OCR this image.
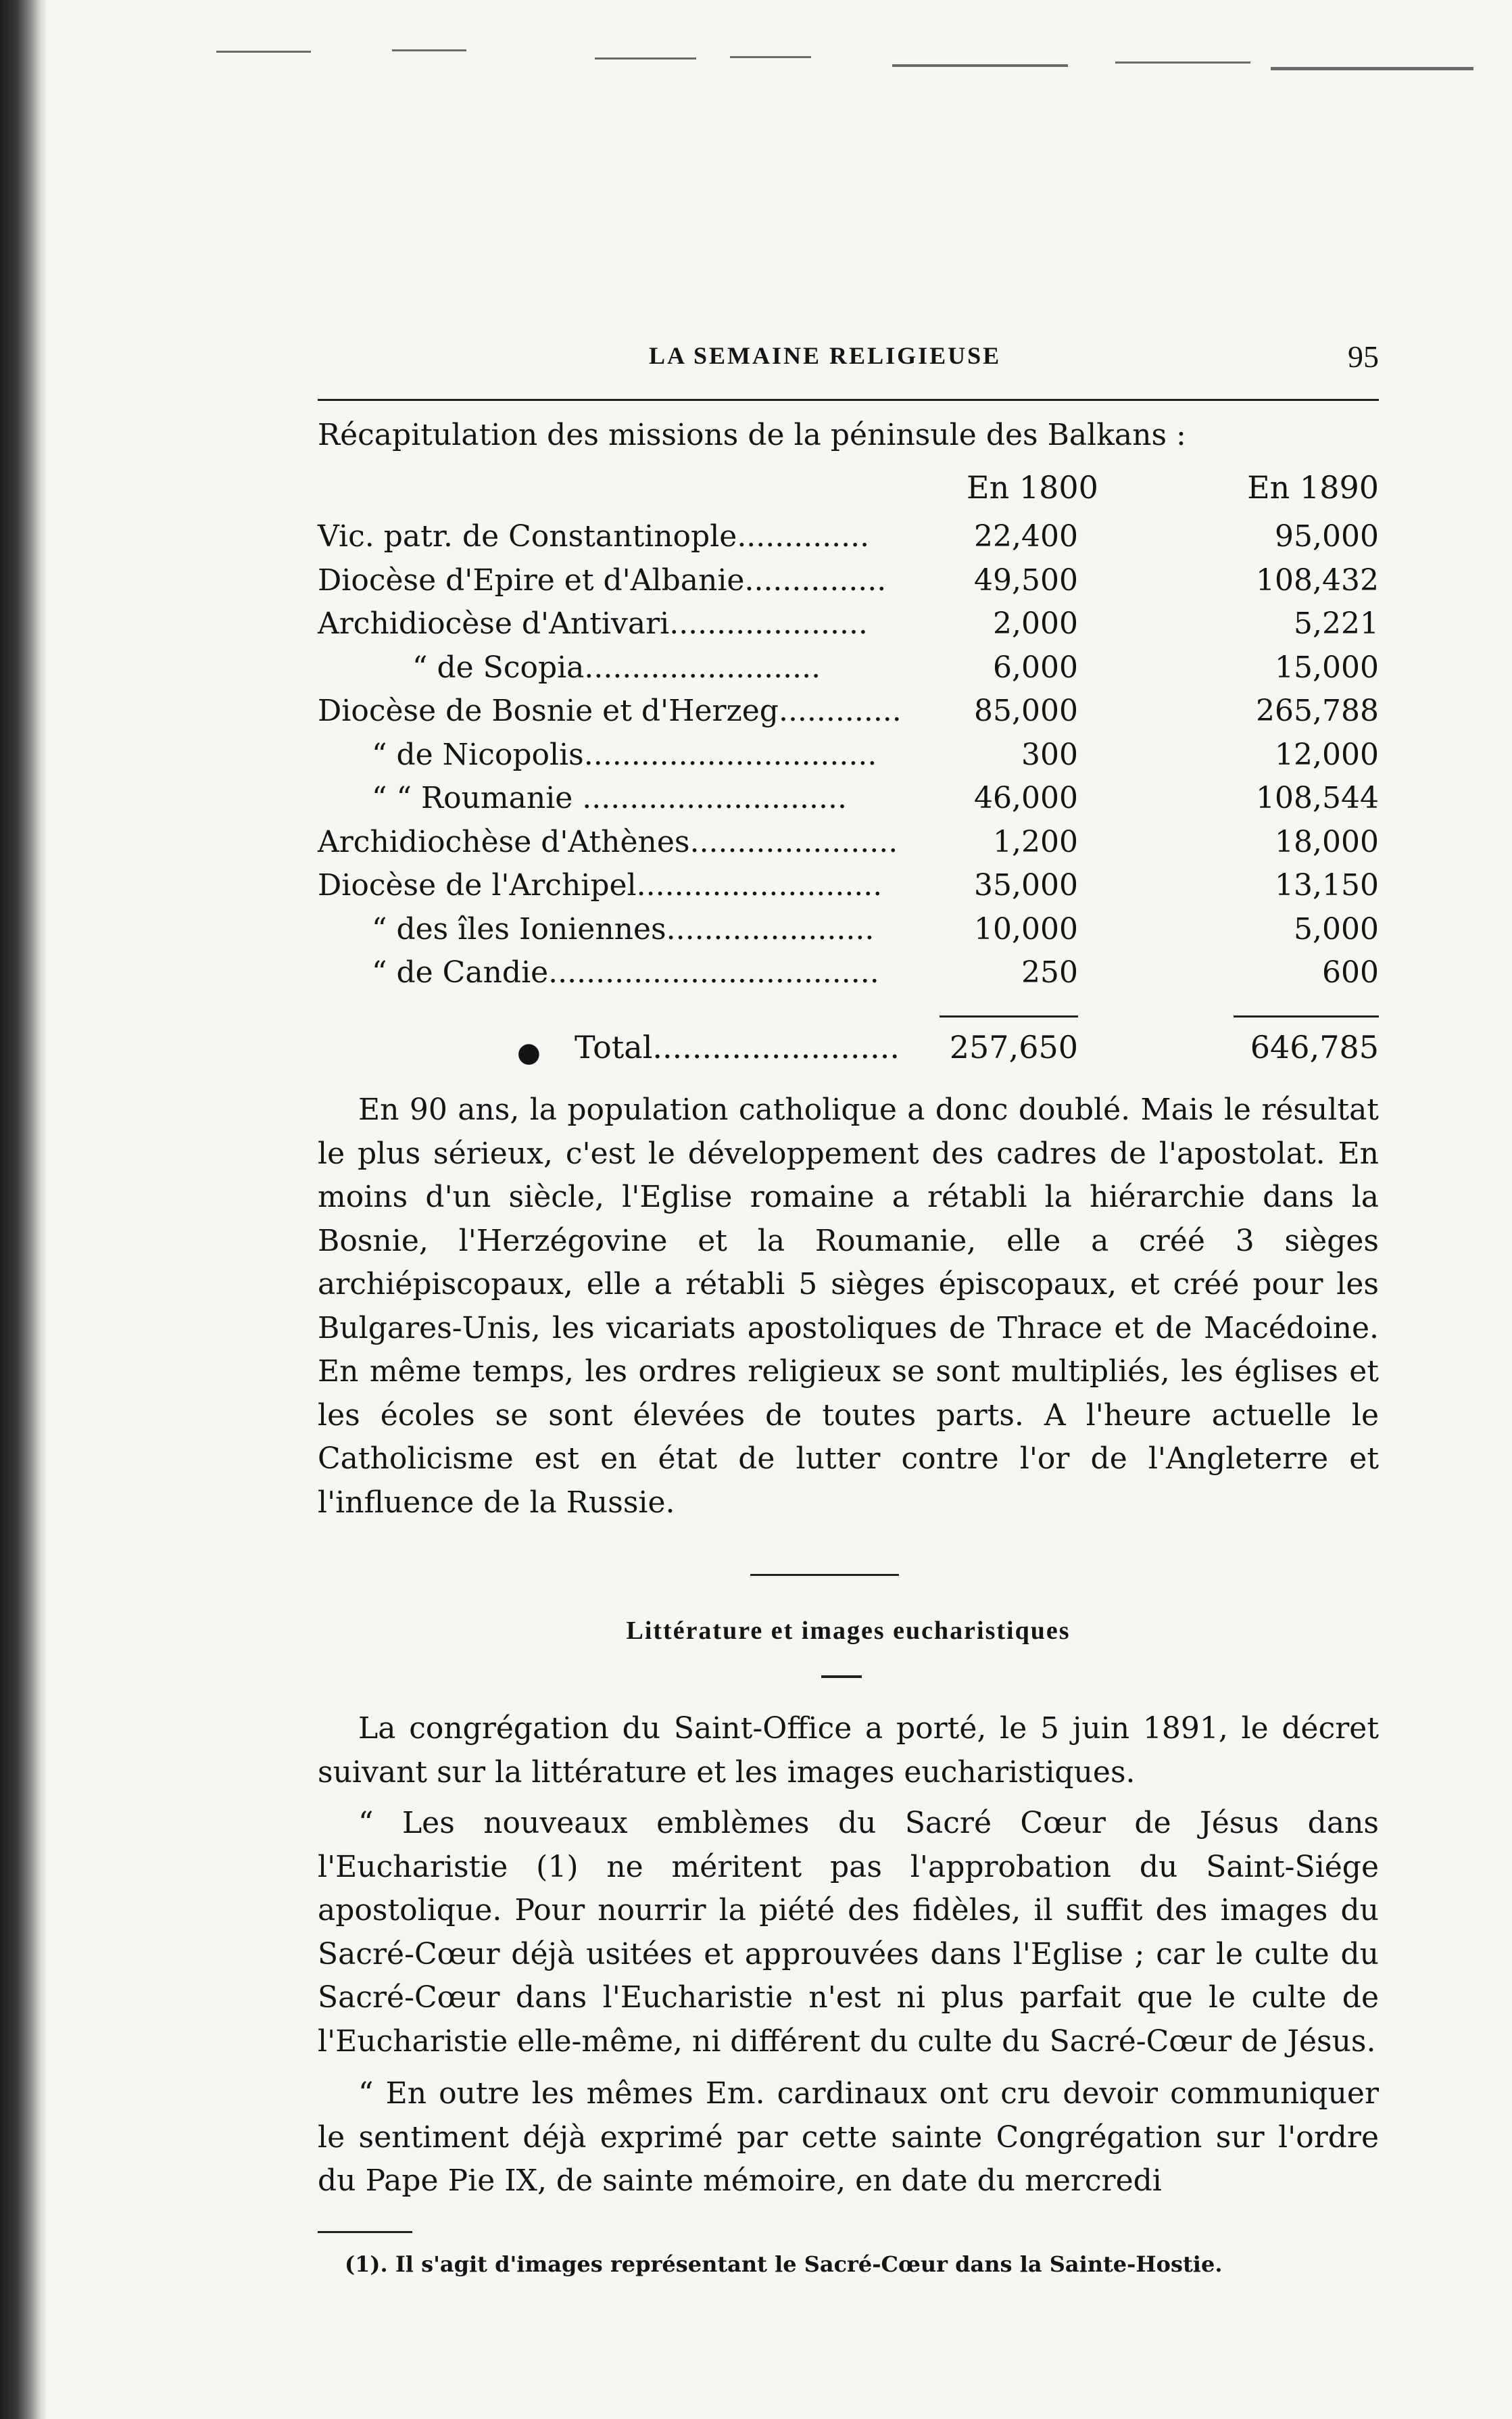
LA SEMAINE RELIGIEUSE	95
Récapitulation des missions de la péninsule des Balkans :
En 1800	En 1890
Vic. patr. de Constantinople..............	22,400	95,000
Diocèse d'Epire et d'Albanie...............	49,500	108,432
Archidiocèse d'Antivari.....................	2,000	5,221
“ de Scopia.........................	6,000	15,000
Diocèse de Bosnie et d'Herzeg............. 85,000	265,788
“ de Nicopolis...............................	300	12,000
“ “ Roumanie ............................	46,000	108,544
Archidiochèse d'Athènes......................	1,200	18,000
Diocèse de l'Archipel..........................	35,000	13,150
“ des îles Ioniennes......................	10,000	5,000
“ de Candie...................................	250	600
● Total......................... 257,650	646,785
En 90 ans, la population catholique a donc doublé. Mais le résultat le plus sérieux, c'est le développement des cadres de l'apostolat. En moins d'un siècle, l'Eglise romaine a rétabli la hiérarchie dans la Bosnie, l'Herzégovine et la Roumanie, elle a créé 3 sièges archiépiscopaux, elle a rétabli 5 sièges épiscopaux, et créé pour les Bulgares-Unis, les vicariats apostoliques de Thrace et de Macédoine. En même temps, les ordres religieux se sont multipliés, les églises et les écoles se sont élevées de toutes parts. A l'heure actuelle le Catholicisme est en état de lutter contre l'or de l'Angleterre et l'influence de la Russie.
Littérature et images eucharistiques
La congrégation du Saint-Office a porté, le 5 juin 1891, le décret suivant sur la littérature et les images eucharistiques.
“ Les nouveaux emblèmes du Sacré Cœur de Jésus dans l'Eucharistie (1) ne méritent pas l'approbation du Saint-Siége apostolique. Pour nourrir la piété des fidèles, il suffit des images du Sacré-Cœur déjà usitées et approuvées dans l'Eglise ; car le culte du Sacré-Cœur dans l'Eucharistie n'est ni plus parfait que le culte de l'Eucharistie elle-même, ni différent du culte du Sacré-Cœur de Jésus.
“ En outre les mêmes Em. cardinaux ont cru devoir communiquer le sentiment déjà exprimé par cette sainte Congrégation sur l'ordre du Pape Pie IX, de sainte mémoire, en date du mercredi
(1). Il s'agit d'images représentant le Sacré-Cœur dans la Sainte-Hostie.
